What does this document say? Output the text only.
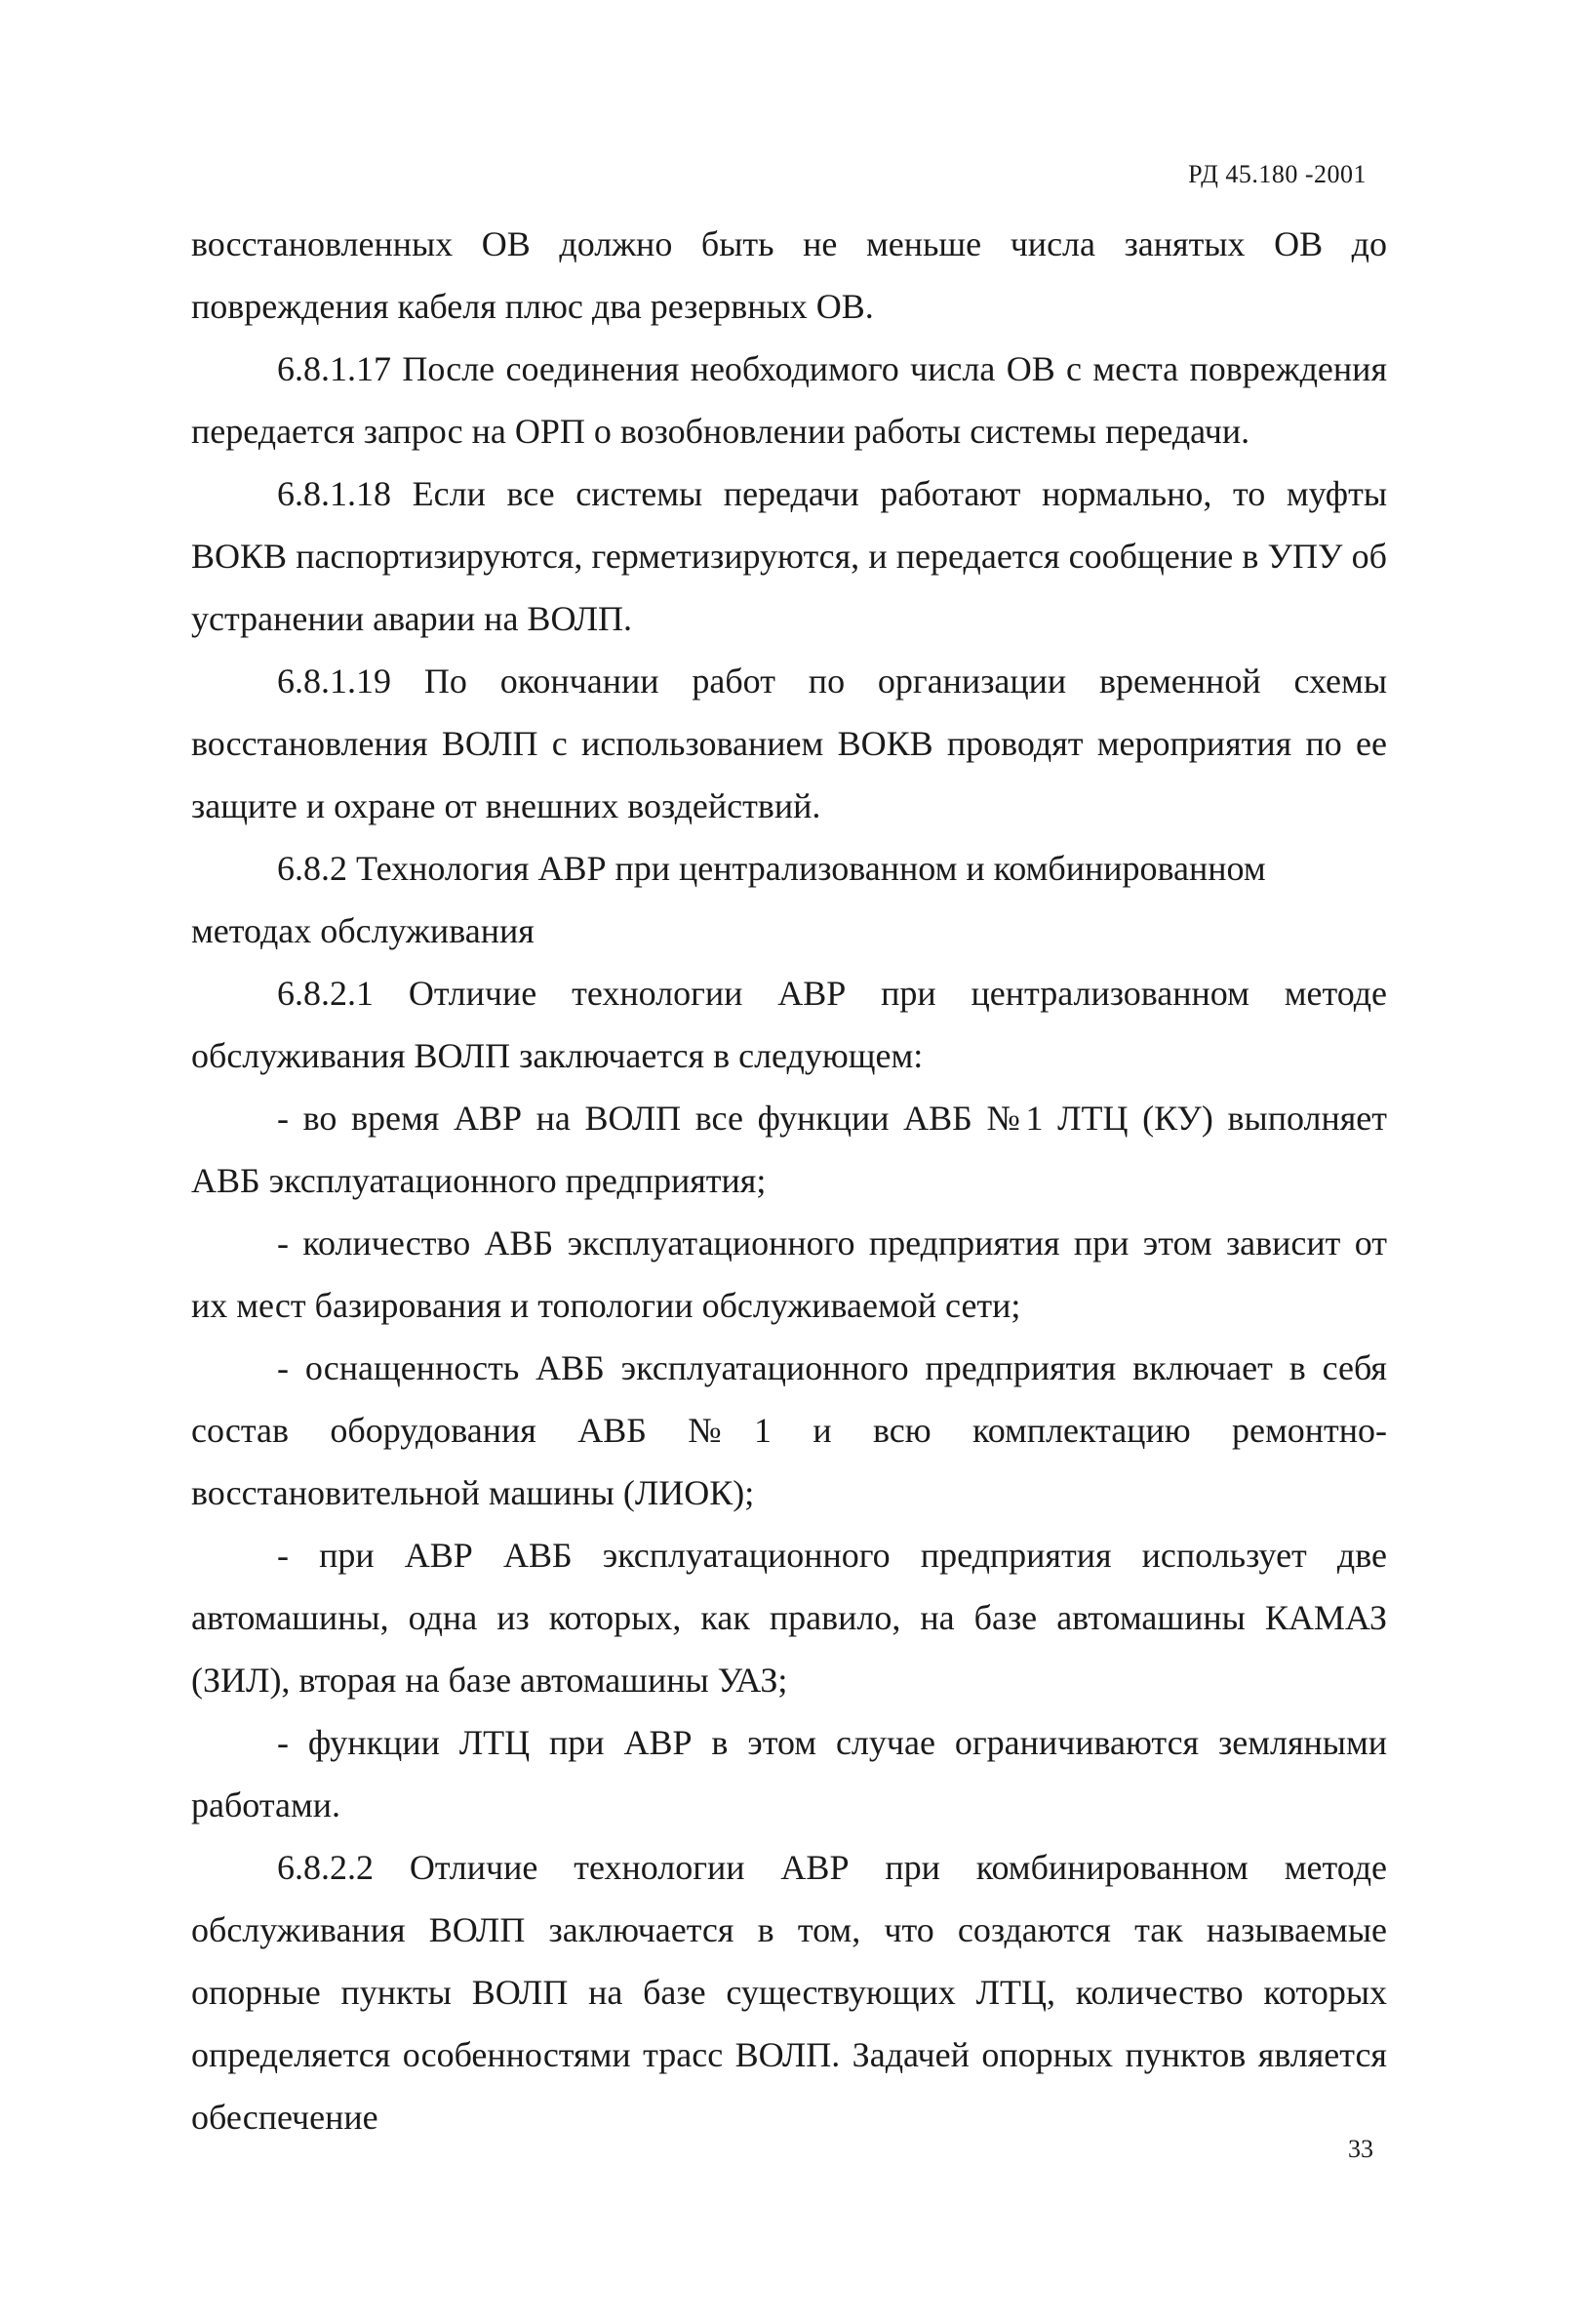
РД 45.180 -2001

восстановленных ОВ должно быть не меньше числа занятых ОВ до повреждения кабеля плюс два резервных ОВ.

6.8.1.17 После соединения необходимого числа ОВ с места повреждения передается запрос на ОРП о возобновлении работы системы передачи.

6.8.1.18 Если все системы передачи работают нормально, то муфты ВОКВ паспортизируются, герметизируются, и передается сообщение в УПУ об устранении аварии на ВОЛП.

6.8.1.19 По окончании работ по организации временной схемы восстановления ВОЛП с использованием ВОКВ проводят мероприятия по ее защите и охране от внешних воздействий.

6.8.2 Технология АВР при централизованном и комбинированном методах обслуживания

6.8.2.1 Отличие технологии АВР при централизованном методе обслуживания ВОЛП заключается в следующем:

- во время АВР на ВОЛП все функции АВБ №1 ЛТЦ (КУ) выполняет АВБ эксплуатационного предприятия;

- количество АВБ эксплуатационного предприятия при этом зависит от их мест базирования и топологии обслуживаемой сети;

- оснащенность АВБ эксплуатационного предприятия включает в себя состав оборудования АВБ №1 и всю комплектацию ремонтно-восстановительной машины (ЛИОК);

- при АВР АВБ эксплуатационного предприятия использует две автомашины, одна из которых, как правило, на базе автомашины КАМАЗ (ЗИЛ), вторая на базе автомашины УАЗ;

- функции ЛТЦ при АВР в этом случае ограничиваются земляными работами.

6.8.2.2 Отличие технологии АВР при комбинированном методе обслуживания ВОЛП заключается в том, что создаются так называемые опорные пункты ВОЛП на базе существующих ЛТЦ, количество которых определяется особенностями трасс ВОЛП. Задачей опорных пунктов является обеспечение

33
